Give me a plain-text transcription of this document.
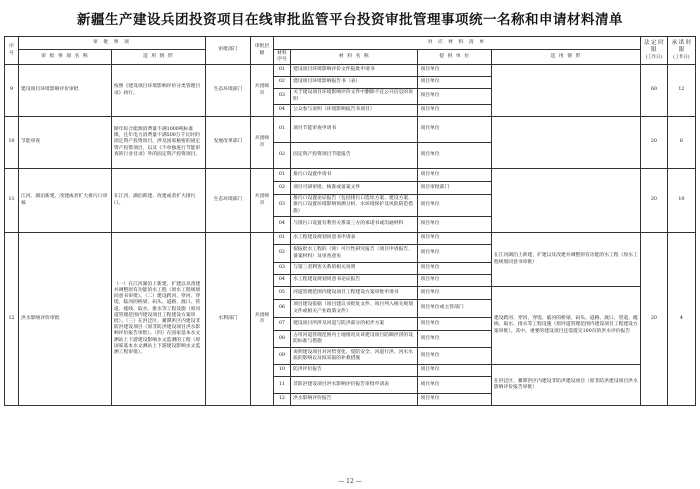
新疆生产建设兵团投资项目在线审批监管平台投资审批管理事项统一名称和申请材料清单
序号	审 批 事 项		审批部门	审批层级	对 应 材 料 清 单				法 定 时 限
(工作日)	承 诺 时 限
(工作日)
	审 批 事 项 名 称	适 用 情 形			材料序号	材 料 名 称	提 供 单 位	适 用 情 形		
9	建设项目环境影响评价审批	按照《建设项目环境影响评价分类管理目录》执行。	生态环境部门	兵团师市	01	建设项目环境影响评价文件报批申请书	项目单位		60	12
					02	建设项目环境影响报告书（表）	项目单位			
					03	关于建设项目环境影响评价文件中删除不宜公开信息的说明	项目单位			
					04	公众参与说明（环境影响报告书项目）	项目单位			
10	节能审查	除年综合能源消费量不满1000吨标准煤，且年电力消费量不满500万千瓦时的固定资产投资项目，涉及国家秘密的固定资产投资项目，以及《不单独进行节能审查的行业目录》外的固定资产投资项目。	发展改革部门	兵团师市	01	项目节能审查申请书	项目单位		20	6
					02	固定资产投资项目节能报告	项目单位			
11	江河、湖泊新建、改建或者扩大排污口审核	在江河、湖泊新建、改建或者扩大排污口。	生态环境部门	兵团师市	01	排污口设置申请书	项目单位		20	10
					02	项目可研审批、核准或备案文件	项目审批部门			
					03	排污口设置论证报告（包括排污口选址方案、建设方案、排污口设置环境影响预测分析、水环境保护及风险防范措施）	项目单位			
					04	与排污口设置有利害关系第三方的承诺书或沟通材料	项目单位			
12	洪水影响评价审批	（一）在江河湖泊上新建、扩建以及改建并调整原有功能的水工程（原水工程规划同意书审批）。（二）建设跨河、穿河、穿堤、临河的桥梁、码头、道路、渡口、管道、缆线、取水、排水等工程设施（原河道管理范围内建设项目工程建设方案审批）。（三）在洪泛区、蓄滞洪区内建设非防洪建设项目（原非防洪建设项目洪水影响评价报告审批）。（四）在国家基本水文测站上下游建设影响水文监测的工程（原国家基本水文测站上下游建设影响水文监测工程审批）。	水利部门	兵团师市	01	水工程建设规划同意书申请表	项目单位	在江河湖泊上新建、扩建以及改建并调整原有功能的水工程（原水工程规划同意书审批）	20	4
					02	拟报批水工程的（预）可行性研究报告（项目申请报告、备案材料）及审查意见	项目单位			
					03	与第三者利害关系的相关说明	项目单位			
					04	水工程建设规划同意书论证报告	项目单位			
					05	河道管理范围内建设项目工程建设方案审批申请书	项目单位	建设跨河、穿河、穿堤、临河的桥梁、码头、道路、渡口、管道、缆线、取水、排水等工程设施（原河道管理范围内建设项目工程建设方案审批）。其中，重要的建设项目还需提交100页的洪水评价报告		
					06	项目建设依据（项目建议书批复文件、项目列入相关规划文件或相关产业政策文件）	项目单位或主管部门			
					07	建设项目所涉及河道与防洪部分的初步方案	项目单位			
					08	占用河道管理范围内土地情况及该建设项目防御洪涝的设防标准与措施	项目单位			
					09	说明建设项目对河势变化、堤防安全、河道行洪、河水水质的影响以及拟采取的补救措施	项目单位			
					10	防洪评价报告	项目单位	在洪泛区、蓄滞洪区内建设非防洪建设项目（原非防洪建设项目洪水影响评价报告审批）		
					11	非防洪建设项目洪水影响评价报告审批申请表	项目单位			
					12	洪水影响评价报告	项目单位			
— 12 —
